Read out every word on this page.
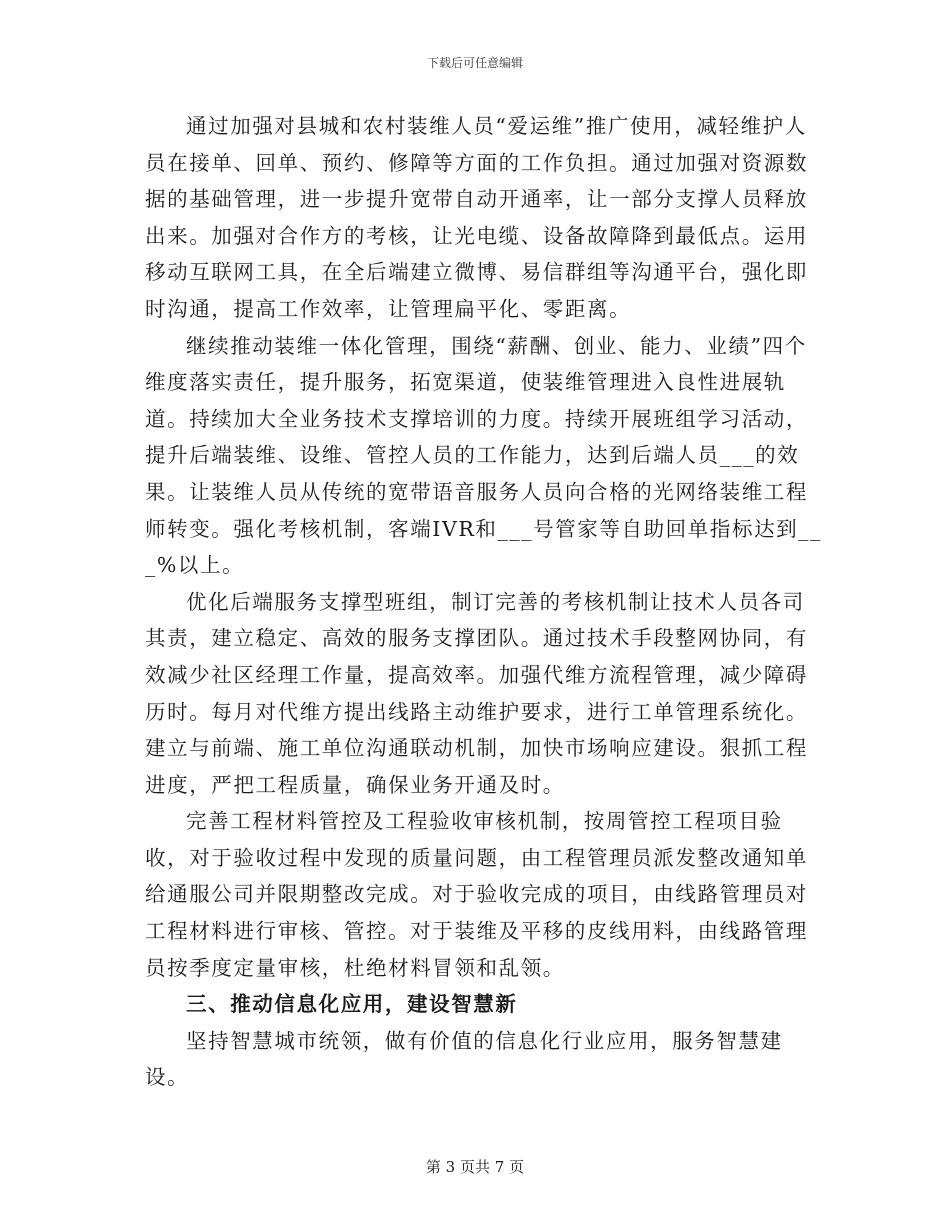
下载后可任意编辑

通过加强对县城和农村装维人员“爱运维”推广使用，减轻维护人员在接单、回单、预约、修障等方面的工作负担。通过加强对资源数据的基础管理，进一步提升宽带自动开通率，让一部分支撑人员释放出来。加强对合作方的考核，让光电缆、设备故障降到最低点。运用移动互联网工具，在全后端建立微博、易信群组等沟通平台，强化即时沟通，提高工作效率，让管理扁平化、零距离。

继续推动装维一体化管理，围绕“薪酬、创业、能力、业绩”四个维度落实责任，提升服务，拓宽渠道，使装维管理进入良性进展轨道。持续加大全业务技术支撑培训的力度。持续开展班组学习活动，提升后端装维、设维、管控人员的工作能力，达到后端人员___的效果。让装维人员从传统的宽带语音服务人员向合格的光网络装维工程师转变。强化考核机制，客端IVR和___号管家等自助回单指标达到___%以上。

优化后端服务支撑型班组，制订完善的考核机制让技术人员各司其责，建立稳定、高效的服务支撑团队。通过技术手段整网协同，有效减少社区经理工作量，提高效率。加强代维方流程管理，减少障碍历时。每月对代维方提出线路主动维护要求，进行工单管理系统化。建立与前端、施工单位沟通联动机制，加快市场响应建设。狠抓工程进度，严把工程质量，确保业务开通及时。

完善工程材料管控及工程验收审核机制，按周管控工程项目验收，对于验收过程中发现的质量问题，由工程管理员派发整改通知单给通服公司并限期整改完成。对于验收完成的项目，由线路管理员对工程材料进行审核、管控。对于装维及平移的皮线用料，由线路管理员按季度定量审核，杜绝材料冒领和乱领。

三、推动信息化应用，建设智慧新

坚持智慧城市统领，做有价值的信息化行业应用，服务智慧建设。

第 3 页共 7 页
